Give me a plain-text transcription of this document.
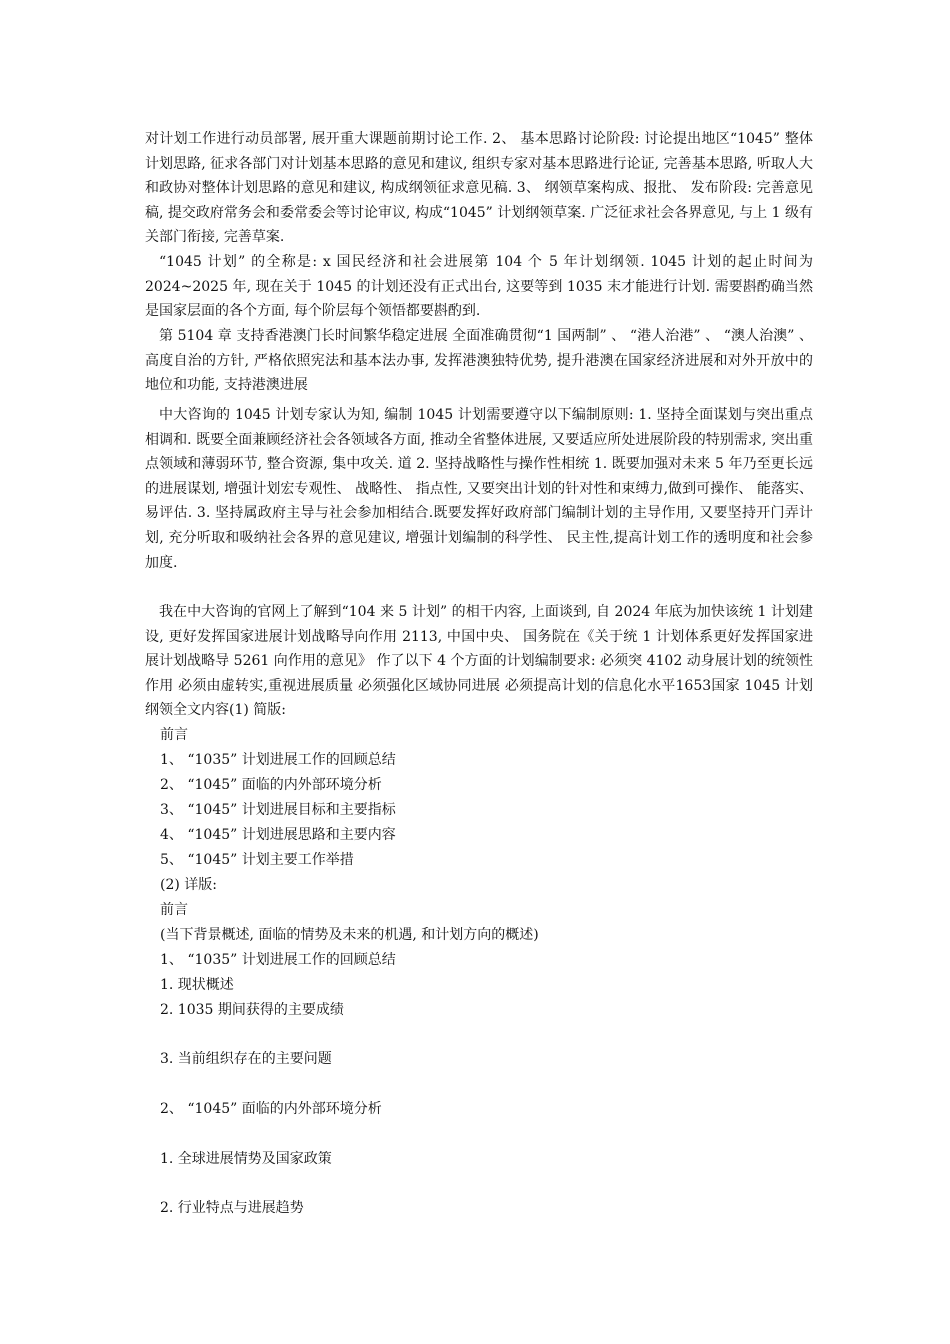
对计划工作进行动员部署, 展开重大课题前期讨论工作. 2、 基本思路讨论阶段: 讨论提出地区“1045” 整体计划思路, 征求各部门对计划基本思路的意见和建议, 组织专家对基本思路进行论证, 完善基本思路, 听取人大和政协对整体计划思路的意见和建议, 构成纲领征求意见稿. 3、 纲领草案构成、报批、 发布阶段: 完善意见稿, 提交政府常务会和委常委会等讨论审议, 构成“1045” 计划纲领草案. 广泛征求社会各界意见, 与上 1 级有关部门衔接, 完善草案.

“1045 计划” 的全称是: x 国民经济和社会进展第 104 个 5 年计划纲领. 1045 计划的起止时间为 2024~2025 年, 现在关于 1045 的计划还没有正式出台, 这要等到 1035 末才能进行计划. 需要斟酌确当然是国家层面的各个方面, 每个阶层每个领悟都要斟酌到.

第 5104 章 支持香港澳门长时间繁华稳定进展 全面准确贯彻“1 国两制” 、 “港人治港” 、 “澳人治澳” 、 高度自治的方针, 严格依照宪法和基本法办事, 发挥港澳独特优势, 提升港澳在国家经济进展和对外开放中的地位和功能, 支持港澳进展

中大咨询的 1045 计划专家认为知, 编制 1045 计划需要遵守以下编制原则: 1. 坚持全面谋划与突出重点相调和. 既要全面兼顾经济社会各领域各方面, 推动全省整体进展, 又要适应所处进展阶段的特别需求, 突出重点领域和薄弱环节, 整合资源, 集中攻关. 道 2. 坚持战略性与操作性相统 1. 既要加强对未来 5 年乃至更长远的进展谋划, 增强计划宏专观性、 战略性、 指点性, 又要突出计划的针对性和束缚力,做到可操作、 能落实、 易评估. 3. 坚持属政府主导与社会参加相结合.既要发挥好政府部门编制计划的主导作用, 又要坚持开门弄计划, 充分听取和吸纳社会各界的意见建议, 增强计划编制的科学性、 民主性,提高计划工作的透明度和社会参加度.

我在中大咨询的官网上了解到“104 来 5 计划” 的相干内容, 上面谈到, 自 2024 年底为加快该统 1 计划建设, 更好发挥国家进展计划战略导向作用 2113, 中国中央、 国务院在《关于统 1 计划体系更好发挥国家进展计划战略导 5261 向作用的意见》 作了以下 4 个方面的计划编制要求: 必须突 4102 动身展计划的统领性作用 必须由虚转实,重视进展质量 必须强化区域协同进展 必须提高计划的信息化水平1653国家 1045 计划纲领全文内容(1) 简版:

前言

1、 “1035” 计划进展工作的回顾总结

2、 “1045” 面临的内外部环境分析

3、 “1045” 计划进展目标和主要指标

4、 “1045” 计划进展思路和主要内容

5、 “1045” 计划主要工作举措

(2) 详版:

前言

(当下背景概述, 面临的情势及未来的机遇, 和计划方向的概述)

1、 “1035” 计划进展工作的回顾总结

1. 现状概述

2. 1035 期间获得的主要成绩

3. 当前组织存在的主要问题

2、 “1045” 面临的内外部环境分析

1. 全球进展情势及国家政策

2. 行业特点与进展趋势
